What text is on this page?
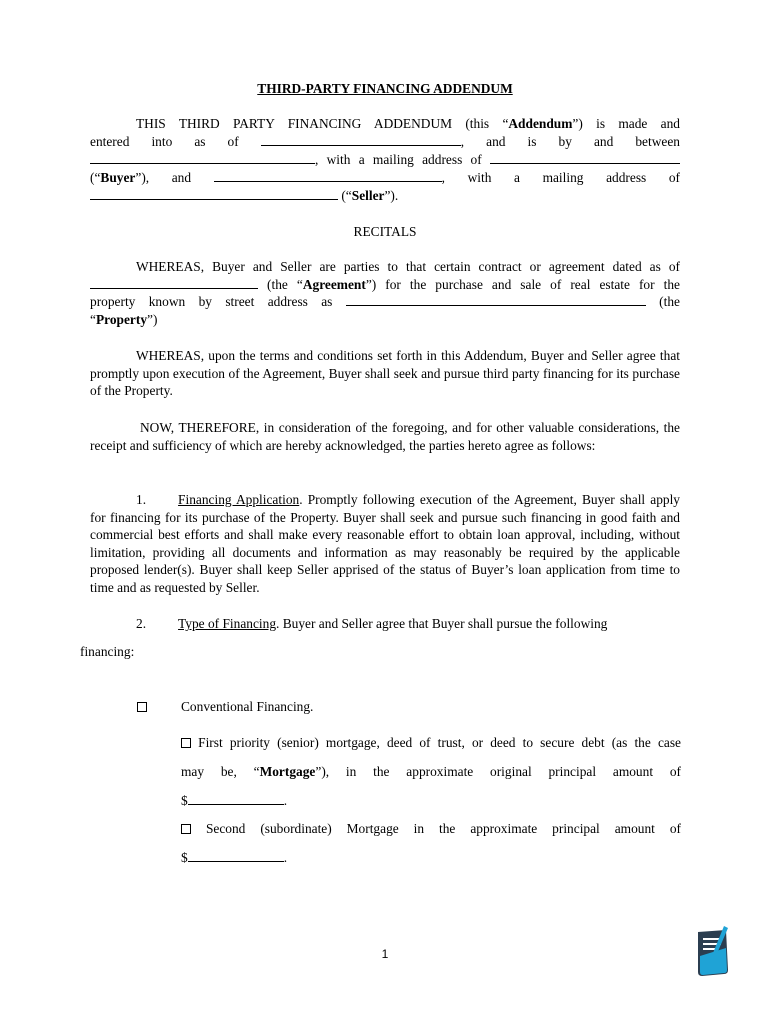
THIRD-PARTY FINANCING ADDENDUM
THIS THIRD PARTY FINANCING ADDENDUM (this “Addendum”) is made and
entered into as of	, and is by and between
, with a mailing address of
(“Buyer”), and	, with a mailing address of
(“Seller”).
RECITALS
WHEREAS, Buyer and Seller are parties to that certain contract or agreement dated as of
(the “Agreement”) for the purchase and sale of real estate for the
property known by street address as	(the
“Property”)
WHEREAS, upon the terms and conditions set forth in this Addendum, Buyer and Seller agree that promptly upon execution of the Agreement, Buyer shall seek and pursue third party financing for its purchase of the Property.
NOW, THEREFORE, in consideration of the foregoing, and for other valuable considerations, the receipt and sufficiency of which are hereby acknowledged, the parties hereto agree as follows:
1. Financing Application. Promptly following execution of the Agreement, Buyer shall apply for financing for its purchase of the Property. Buyer shall seek and pursue such financing in good faith and commercial best efforts and shall make every reasonable effort to obtain loan approval, including, without limitation, providing all documents and information as may reasonably be required by the applicable proposed lender(s). Buyer shall keep Seller apprised of the status of Buyer’s loan application from time to time and as requested by Seller.
2. Type of Financing. Buyer and Seller agree that Buyer shall pursue the following
financing:
Conventional Financing.
First priority (senior) mortgage, deed of trust, or deed to secure debt (as the case
may be, “Mortgage”), in the approximate original principal amount of
$	.
Second (subordinate) Mortgage in the approximate principal amount of
$	.
1
